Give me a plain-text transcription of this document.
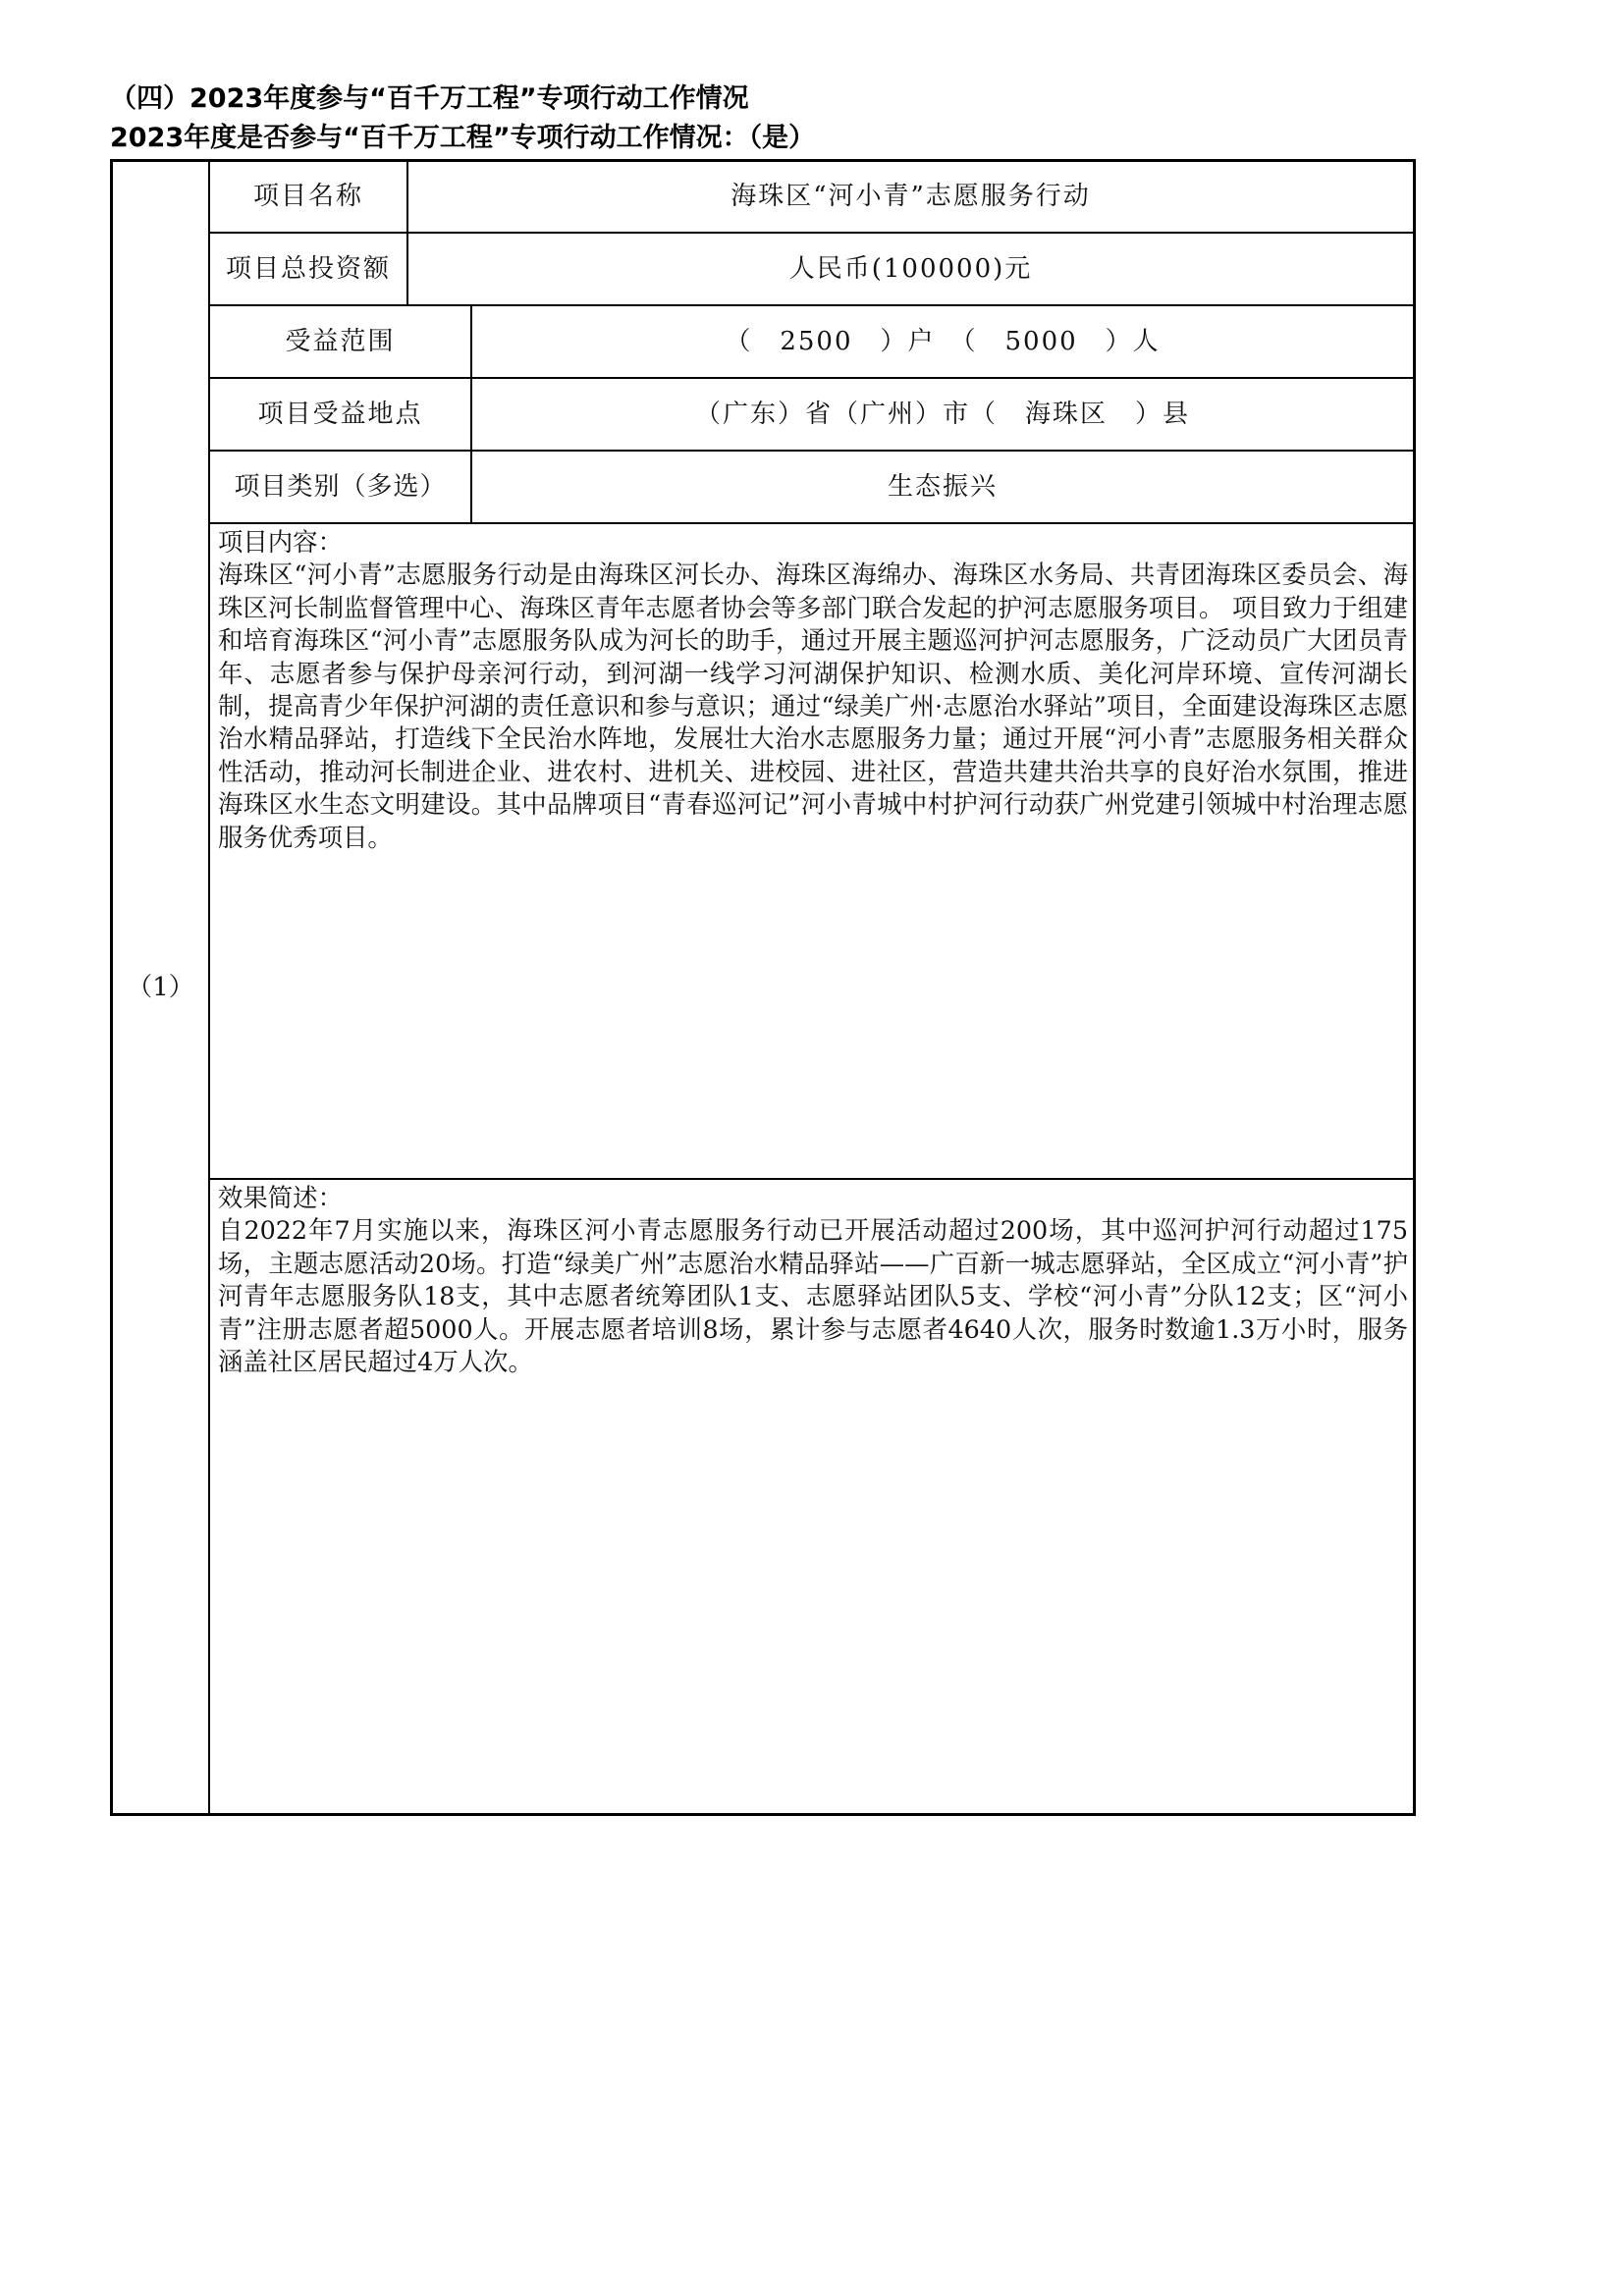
（四）2023年度参与“百千万工程”专项行动工作情况
2023年度是否参与“百千万工程”专项行动工作情况：（是）
（1）
项目名称	海珠区“河小青”志愿服务行动
项目总投资额	人民币(100000)元
受益范围	（　2500　）户　（　5000　）人
项目受益地点	（广东）省（广州）市（　海珠区　）县
项目类别（多选）	生态振兴
项目内容：
海珠区“河小青”志愿服务行动是由海珠区河长办、海珠区海绵办、海珠区水务局、共青团海珠区委员会、海珠区河长制监督管理中心、海珠区青年志愿者协会等多部门联合发起的护河志愿服务项目。 项目致力于组建和培育海珠区“河小青”志愿服务队成为河长的助手，通过开展主题巡河护河志愿服务，广泛动员广大团员青年、志愿者参与保护母亲河行动，到河湖一线学习河湖保护知识、检测水质、美化河岸环境、宣传河湖长制，提高青少年保护河湖的责任意识和参与意识；通过“绿美广州·志愿治水驿站”项目，全面建设海珠区志愿治水精品驿站，打造线下全民治水阵地，发展壮大治水志愿服务力量；通过开展“河小青”志愿服务相关群众性活动，推动河长制进企业、进农村、进机关、进校园、进社区，营造共建共治共享的良好治水氛围，推进海珠区水生态文明建设。其中品牌项目“青春巡河记”河小青城中村护河行动获广州党建引领城中村治理志愿服务优秀项目。
效果简述：
自2022年7月实施以来，海珠区河小青志愿服务行动已开展活动超过200场，其中巡河护河行动超过175场，主题志愿活动20场。打造“绿美广州”志愿治水精品驿站——广百新一城志愿驿站，全区成立“河小青”护河青年志愿服务队18支，其中志愿者统筹团队1支、志愿驿站团队5支、学校“河小青”分队12支；区“河小青”注册志愿者超5000人。开展志愿者培训8场，累计参与志愿者4640人次，服务时数逾1.3万小时，服务涵盖社区居民超过4万人次。
